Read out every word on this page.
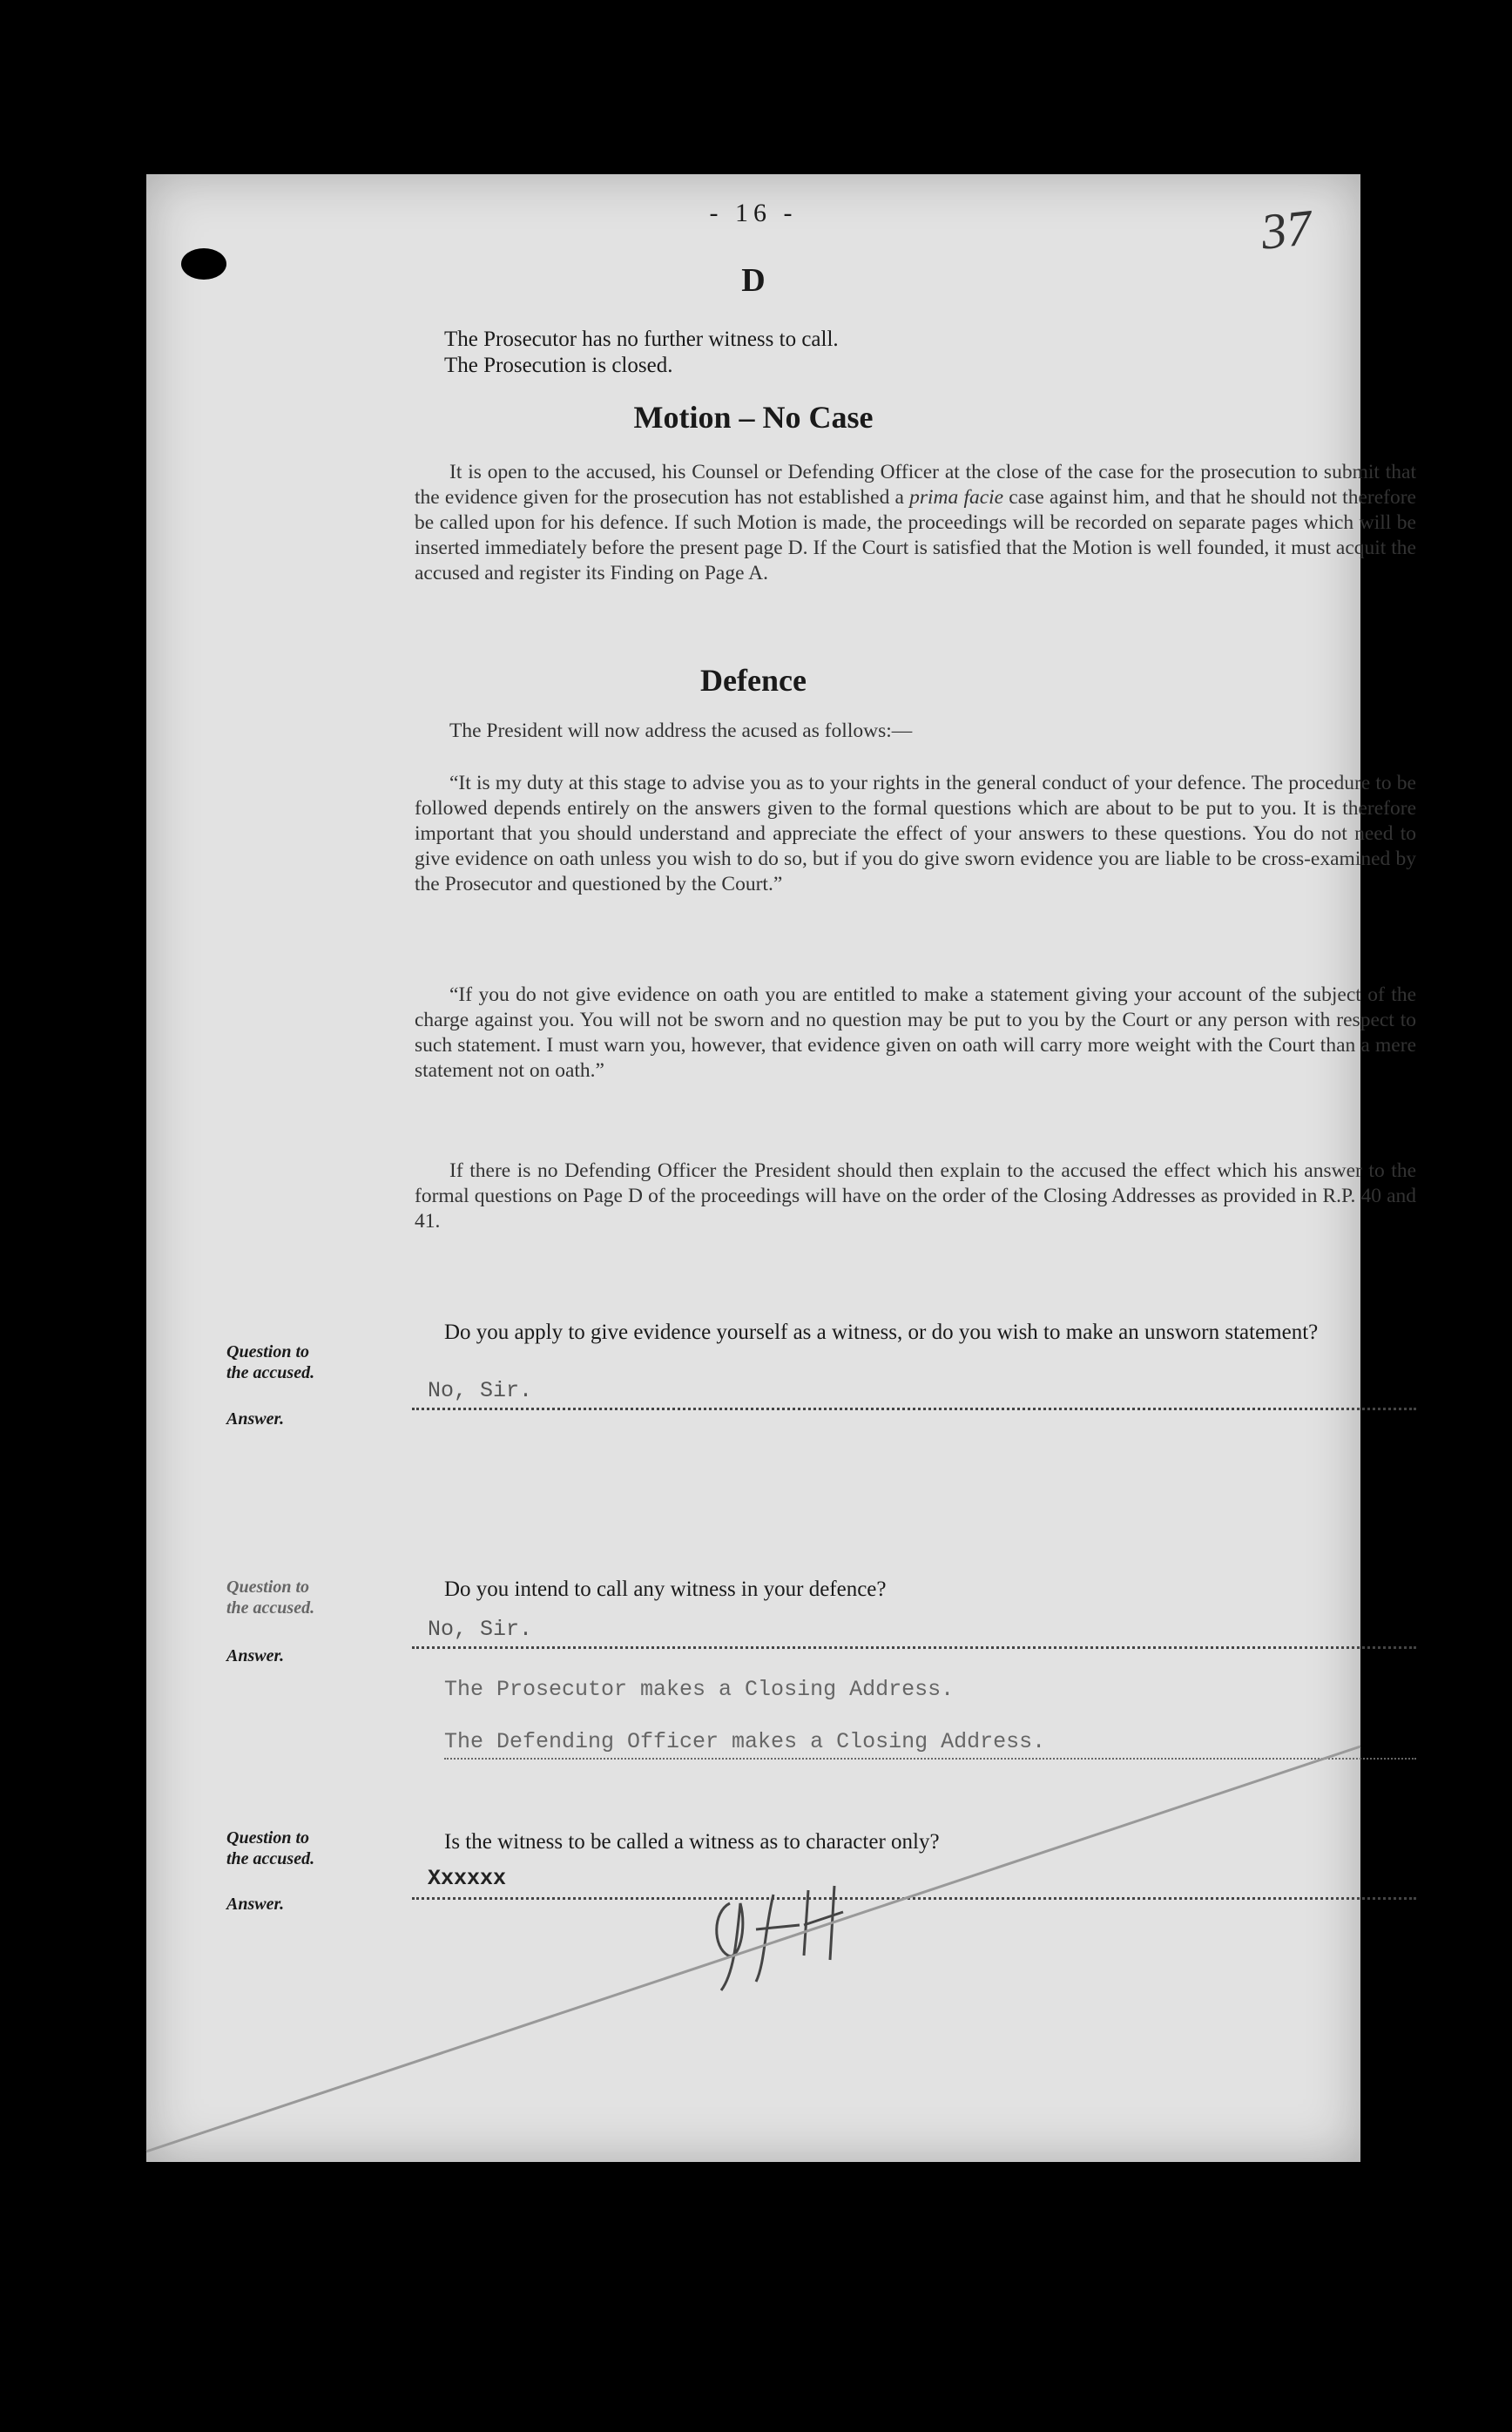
- 16 -	37
D
The Prosecutor has no further witness to call.
The Prosecution is closed.
Motion – No Case

It is open to the accused, his Counsel or Defending Officer at the close of the case for the prosecution to submit that the evidence given for the prosecution has not established a prima facie case against him, and that he should not therefore be called upon for his defence. If such Motion is made, the proceedings will be recorded on separate pages which will be inserted immediately before the present page D. If the Court is satisfied that the Motion is well founded, it must acquit the accused and register its Finding on Page A.

Defence

The President will now address the acused as follows:—

“It is my duty at this stage to advise you as to your rights in the general conduct of your defence. The procedure to be followed depends entirely on the answers given to the formal questions which are about to be put to you. It is therefore important that you should understand and appreciate the effect of your answers to these questions. You do not need to give evidence on oath unless you wish to do so, but if you do give sworn evidence you are liable to be cross-examined by the Prosecutor and questioned by the Court.”

“If you do not give evidence on oath you are entitled to make a statement giving your account of the subject of the charge against you. You will not be sworn and no question may be put to you by the Court or any person with respect to such statement. I must warn you, however, that evidence given on oath will carry more weight with the Court than a mere statement not on oath.”

If there is no Defending Officer the President should then explain to the accused the effect which his answer to the formal questions on Page D of the proceedings will have on the order of the Closing Addresses as provided in R.P. 40 and 41.

Question to
the accused.
Do you apply to give evidence yourself as a witness, or do you wish to make an unsworn statement?
Answer.
No, Sir.
Question to
the accused.
Do you intend to call any witness in your defence?
Answer.
No, Sir.
The Prosecutor makes a Closing Address.
The Defending Officer makes a Closing Address.
Question to
the accused.
Is the witness to be called a witness as to character only?
Answer.
Xxxxxx
